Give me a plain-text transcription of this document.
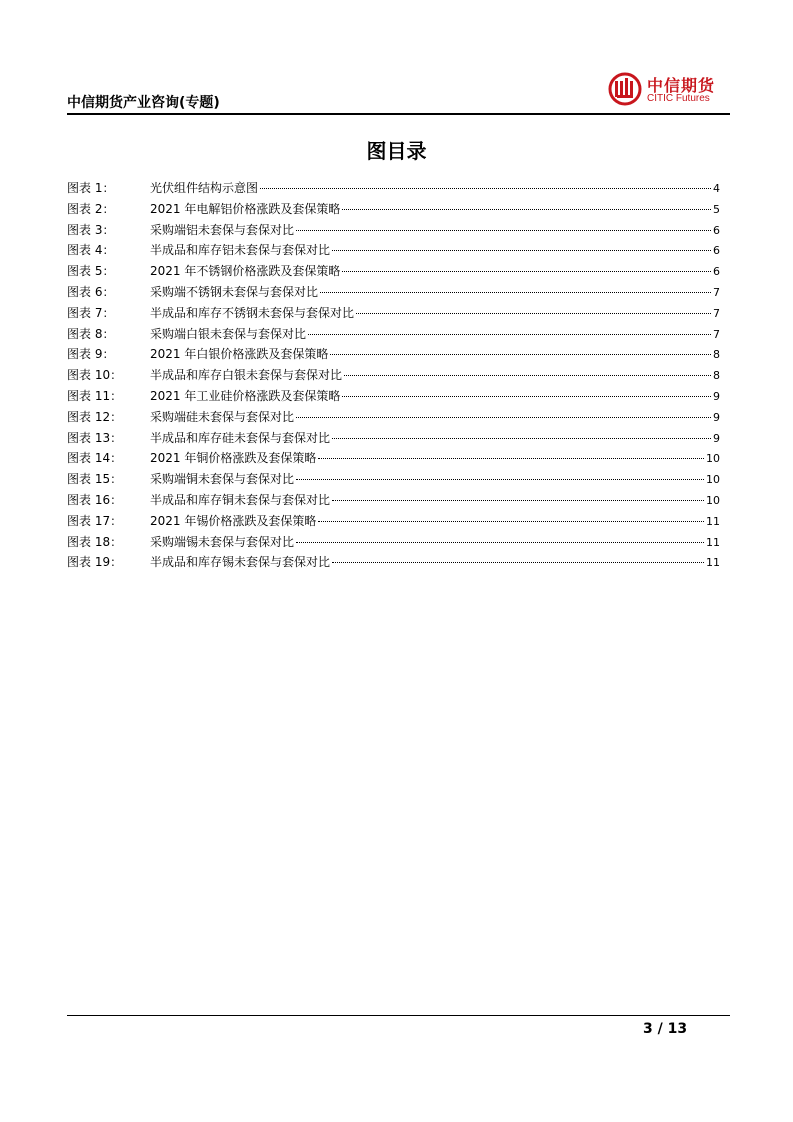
中信期货产业咨询(专题)
中信期货
CITIC Futures
图目录
图表 1：	光伏组件结构示意图	4
图表 2：	2021 年电解铝价格涨跌及套保策略	5
图表 3：	采购端铝未套保与套保对比	6
图表 4：	半成品和库存铝未套保与套保对比	6
图表 5：	2021 年不锈钢价格涨跌及套保策略	6
图表 6：	采购端不锈钢未套保与套保对比	7
图表 7：	半成品和库存不锈钢未套保与套保对比	7
图表 8：	采购端白银未套保与套保对比	7
图表 9：	2021 年白银价格涨跌及套保策略	8
图表 10： 半成品和库存白银未套保与套保对比	8
图表 11： 2021 年工业硅价格涨跌及套保策略	9
图表 12： 采购端硅未套保与套保对比	9
图表 13： 半成品和库存硅未套保与套保对比	9
图表 14： 2021 年铜价格涨跌及套保策略	10
图表 15： 采购端铜未套保与套保对比	10
图表 16： 半成品和库存铜未套保与套保对比	10
图表 17： 2021 年锡价格涨跌及套保策略	11
图表 18： 采购端锡未套保与套保对比	11
图表 19： 半成品和库存锡未套保与套保对比	11
3 / 13
